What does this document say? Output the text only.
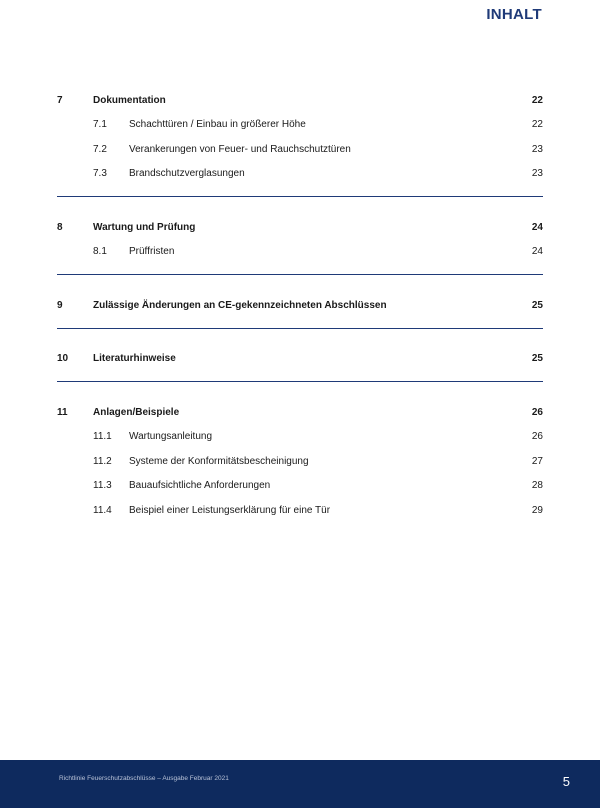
INHALT
7	Dokumentation	22
7.1	Schachttüren / Einbau in größerer Höhe	22
7.2	Verankerungen von Feuer- und Rauchschutztüren	23
7.3	Brandschutzverglasungen	23
8	Wartung und Prüfung	24
8.1	Prüffristen	24
9	Zulässige Änderungen an CE-gekennzeichneten Abschlüssen	25
10	Literaturhinweise	25
11	Anlagen/Beispiele	26
11.1	Wartungsanleitung	26
11.2	Systeme der Konformitätsbescheinigung	27
11.3	Bauaufsichtliche Anforderungen	28
11.4	Beispiel einer Leistungserklärung für eine Tür	29
Richtlinie Feuerschutzabschlüsse – Ausgabe Februar 2021	5
